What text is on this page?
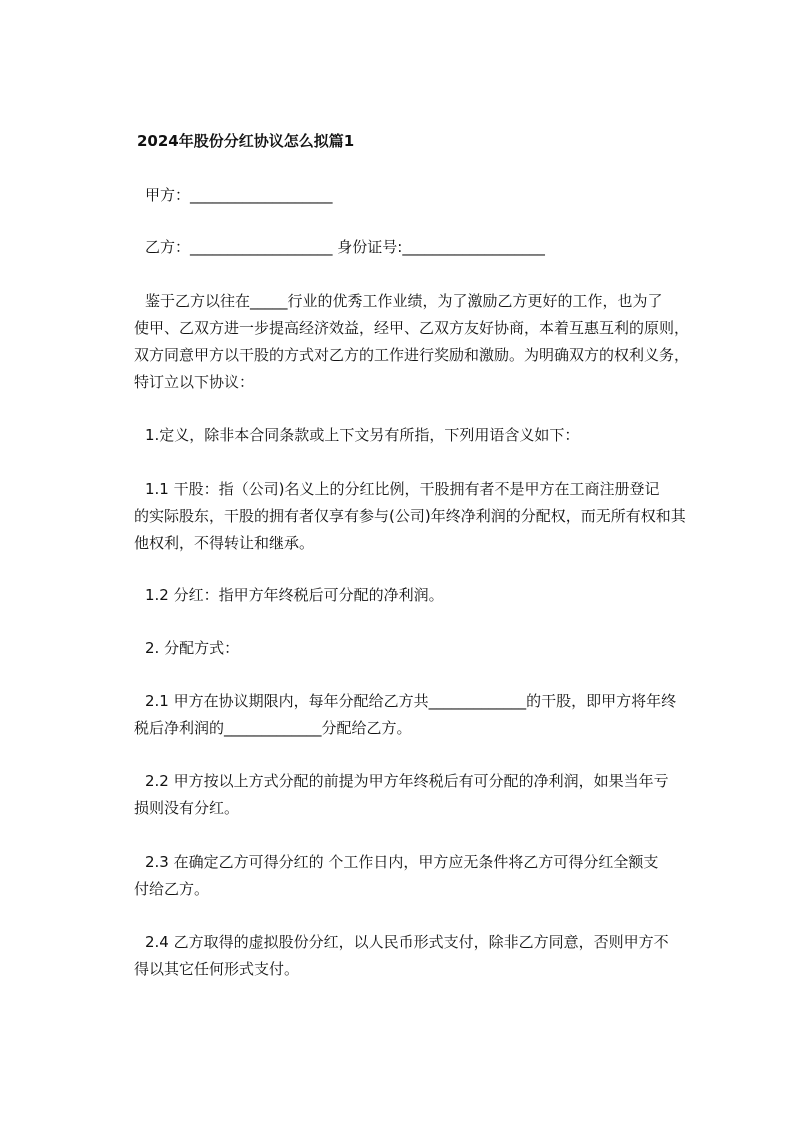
2024年股份分红协议怎么拟篇1
甲方：___________________
乙方：___________________ 身份证号:___________________
鉴于乙方以往在_____行业的优秀工作业绩，为了激励乙方更好的工作，也为了
使甲、乙双方进一步提高经济效益，经甲、乙双方友好协商，本着互惠互利的原则，
双方同意甲方以干股的方式对乙方的工作进行奖励和激励。为明确双方的权利义务，
特订立以下协议：
1.定义，除非本合同条款或上下文另有所指，下列用语含义如下：
1.1 干股：指（公司)名义上的分红比例，干股拥有者不是甲方在工商注册登记
的实际股东，干股的拥有者仅享有参与(公司)年终净利润的分配权，而无所有权和其
他权利，不得转让和继承。
1.2 分红：指甲方年终税后可分配的净利润。
2. 分配方式：
2.1 甲方在协议期限内，每年分配给乙方共_____________的干股，即甲方将年终
税后净利润的_____________分配给乙方。
2.2 甲方按以上方式分配的前提为甲方年终税后有可分配的净利润，如果当年亏
损则没有分红。
2.3 在确定乙方可得分红的 个工作日内，甲方应无条件将乙方可得分红全额支
付给乙方。
2.4 乙方取得的虚拟股份分红，以人民币形式支付，除非乙方同意，否则甲方不
得以其它任何形式支付。
